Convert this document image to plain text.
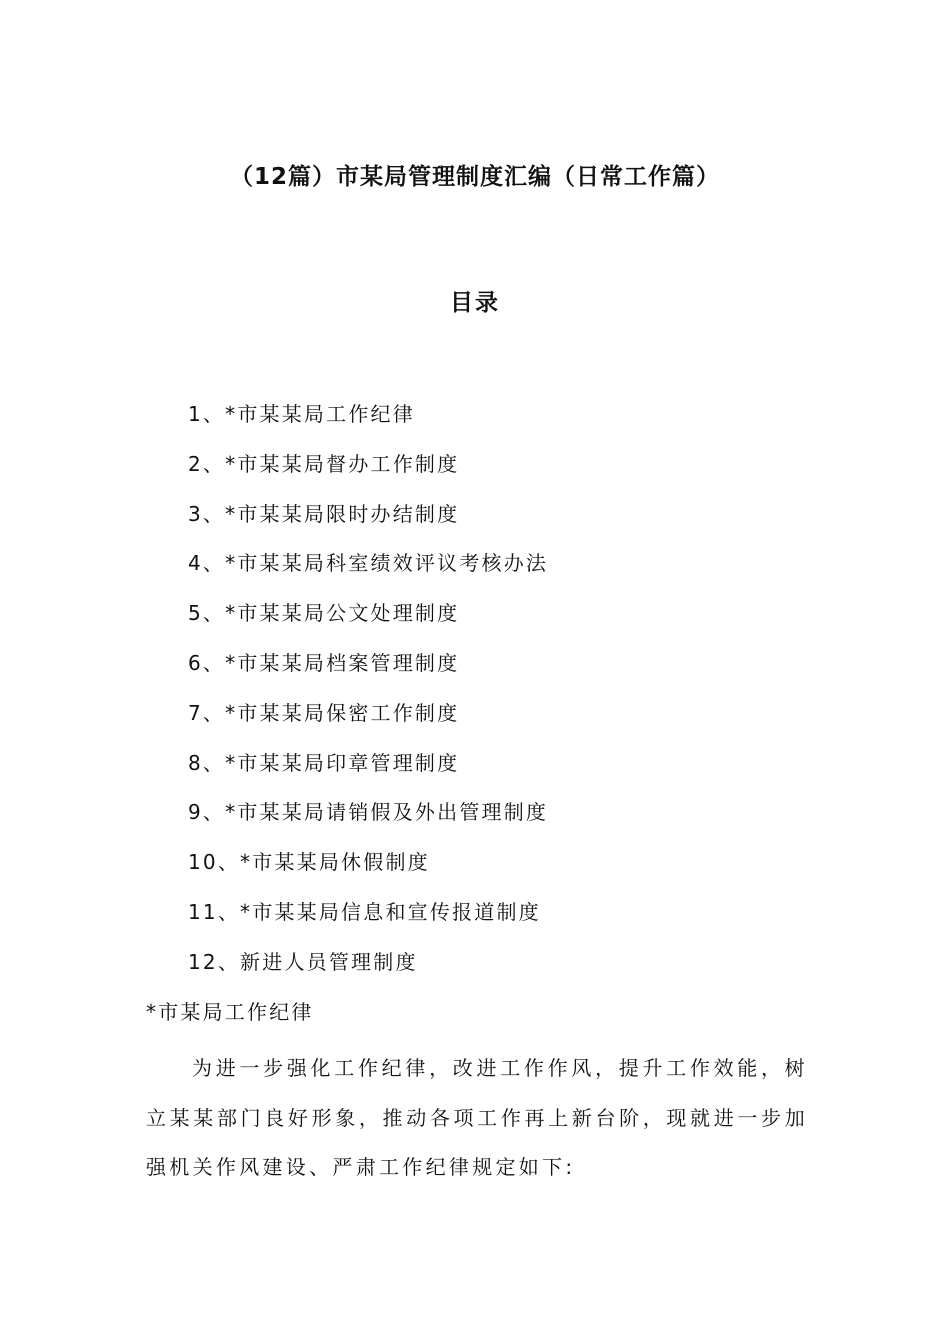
（12篇）市某局管理制度汇编（日常工作篇）
目录
1、*市某某局工作纪律
2、*市某某局督办工作制度
3、*市某某局限时办结制度
4、*市某某局科室绩效评议考核办法
5、*市某某局公文处理制度
6、*市某某局档案管理制度
7、*市某某局保密工作制度
8、*市某某局印章管理制度
9、*市某某局请销假及外出管理制度
10、*市某某局休假制度
11、*市某某局信息和宣传报道制度
12、新进人员管理制度
*市某局工作纪律

为进一步强化工作纪律，改进工作作风，提升工作效能，树立某某部门良好形象，推动各项工作再上新台阶，现就进一步加强机关作风建设、严肃工作纪律规定如下:
